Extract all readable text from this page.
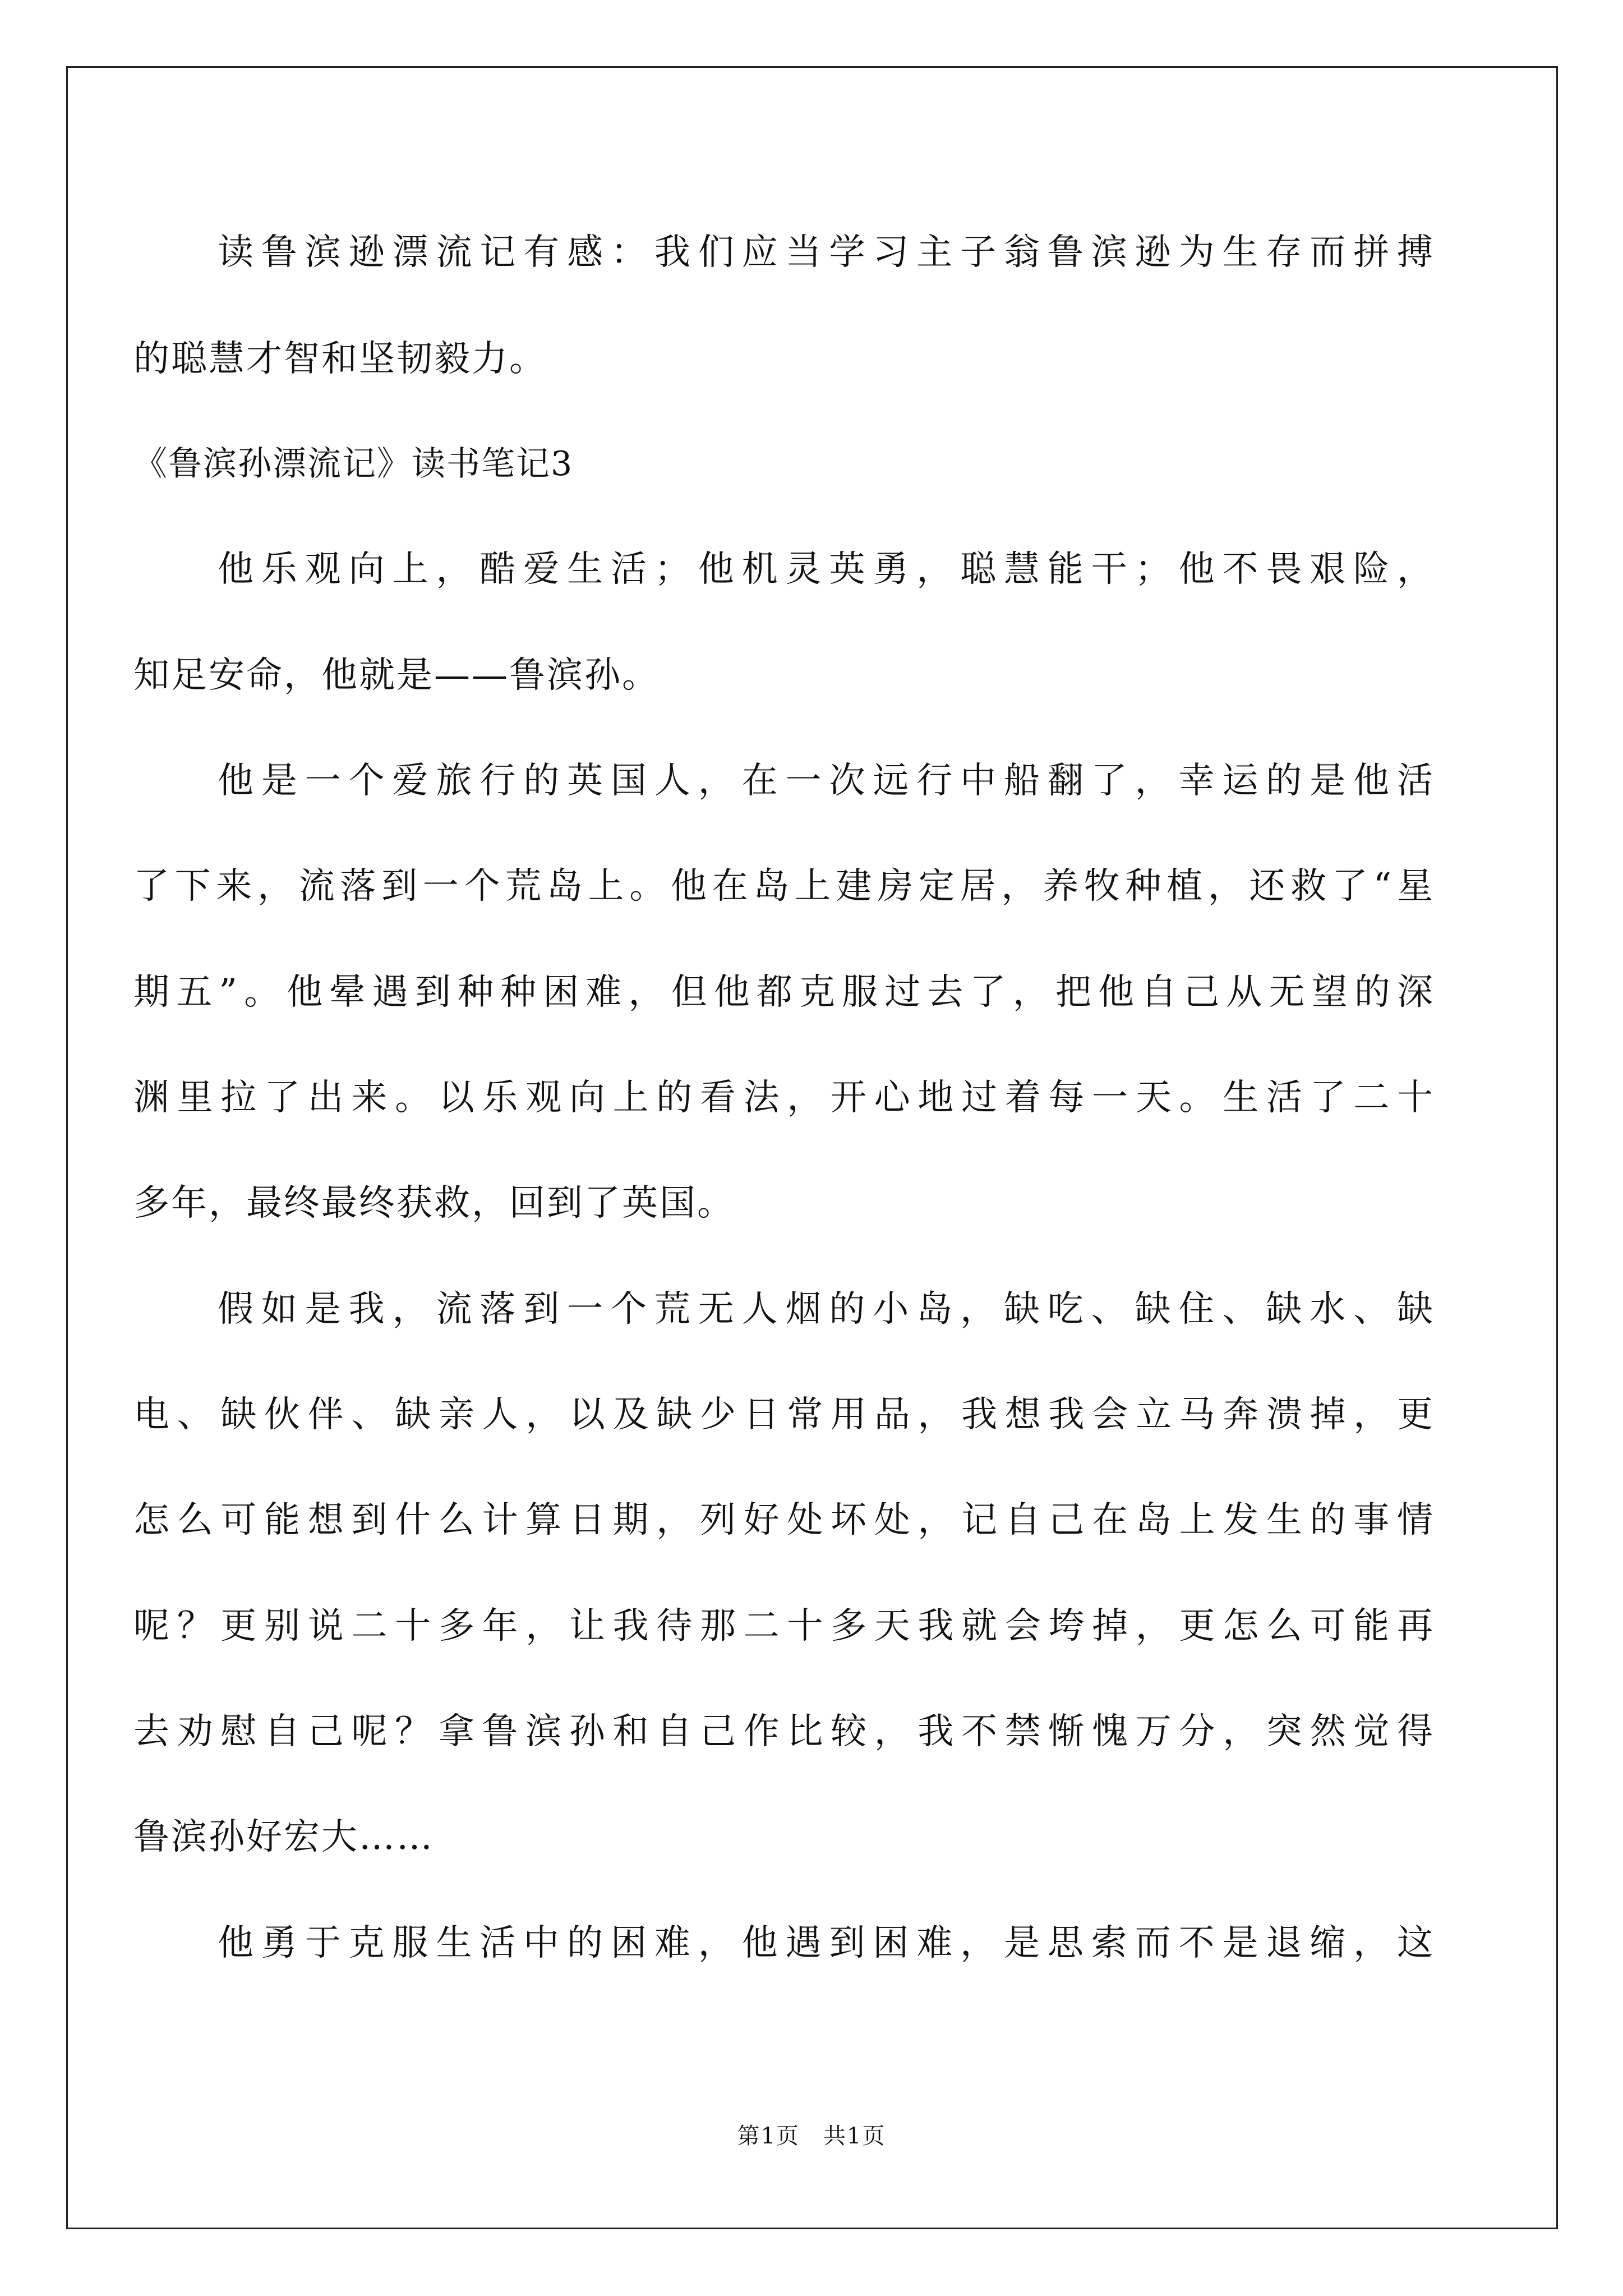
读鲁滨逊漂流记有感：我们应当学习主子翁鲁滨逊为生存而拼搏
的聪慧才智和坚韧毅力。
《鲁滨孙漂流记》读书笔记3
他乐观向上，酷爱生活；他机灵英勇，聪慧能干；他不畏艰险，
知足安命，他就是——鲁滨孙。
他是一个爱旅行的英国人，在一次远行中船翻了，幸运的是他活
了下来，流落到一个荒岛上。他在岛上建房定居，养牧种植，还救了“星
期五”。他晕遇到种种困难，但他都克服过去了，把他自己从无望的深
渊里拉了出来。以乐观向上的看法，开心地过着每一天。生活了二十
多年，最终最终获救，回到了英国。
假如是我，流落到一个荒无人烟的小岛，缺吃、缺住、缺水、缺
电、缺伙伴、缺亲人，以及缺少日常用品，我想我会立马奔溃掉，更
怎么可能想到什么计算日期，列好处坏处，记自己在岛上发生的事情
呢？更别说二十多年，让我待那二十多天我就会垮掉，更怎么可能再
去劝慰自己呢？拿鲁滨孙和自己作比较，我不禁惭愧万分，突然觉得
鲁滨孙好宏大……
他勇于克服生活中的困难，他遇到困难，是思索而不是退缩，这
第1页　共1页
